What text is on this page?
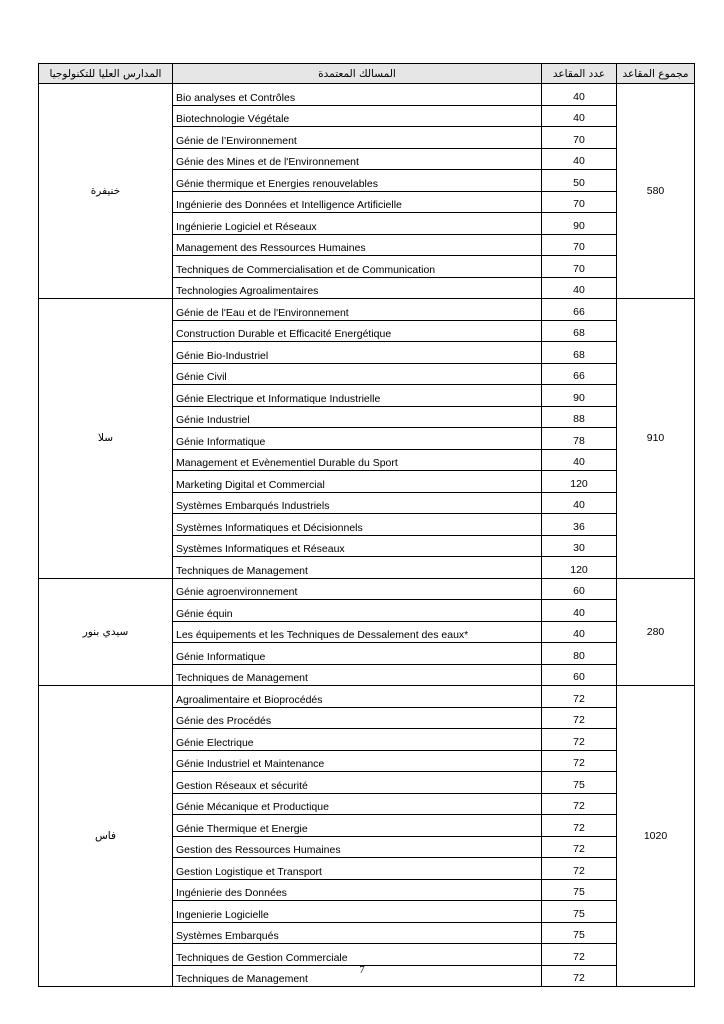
المدارس العليا للتكنولوجيا	المسالك المعتمدة	عدد المقاعد	مجموع المقاعد
خنيفرة	Bio analyses et Contrôles	40	580
	Biotechnologie Végétale	40	
	Génie de l’Environnement	70	
	Génie des Mines et de l'Environnement	40	
	Génie thermique et Energies renouvelables	50	
	Ingénierie des Données et Intelligence Artificielle	70	
	Ingénierie Logiciel et Réseaux	90	
	Management des Ressources Humaines	70	
	Techniques de Commercialisation et de Communication	70	
	Technologies Agroalimentaires	40	
سلا	Génie de l'Eau et de l'Environnement	66	910
	Construction Durable et Efficacité Energétique	68	
	Génie Bio-Industriel	68	
	Génie Civil	66	
	Génie Electrique et Informatique Industrielle	90	
	Génie Industriel	88	
	Génie Informatique	78	
	Management et Evènementiel Durable du Sport	40	
	Marketing Digital et Commercial	120	
	Systèmes Embarqués Industriels	40	
	Systèmes Informatiques et Décisionnels	36	
	Systèmes Informatiques et Réseaux	30	
	Techniques de Management	120	
سيدي بنور	Génie agroenvironnement	60	280
	Génie équin	40	
	Les équipements et les Techniques de Dessalement des eaux*	40	
	Génie Informatique	80	
	Techniques de Management	60	
فاس	Agroalimentaire et Bioprocédés	72	1020
	Génie des Procédés	72	
	Génie Electrique	72	
	Génie Industriel et Maintenance	72	
	Gestion Réseaux et sécurité	75	
	Génie Mécanique et Productique	72	
	Génie Thermique et Energie	72	
	Gestion des Ressources Humaines	72	
	Gestion Logistique et Transport	72	
	Ingénierie des Données	75	
	Ingenierie Logicielle	75	
	Systèmes Embarqués	75	
	Techniques de Gestion Commerciale	72	
	Techniques de Management	72	
7
